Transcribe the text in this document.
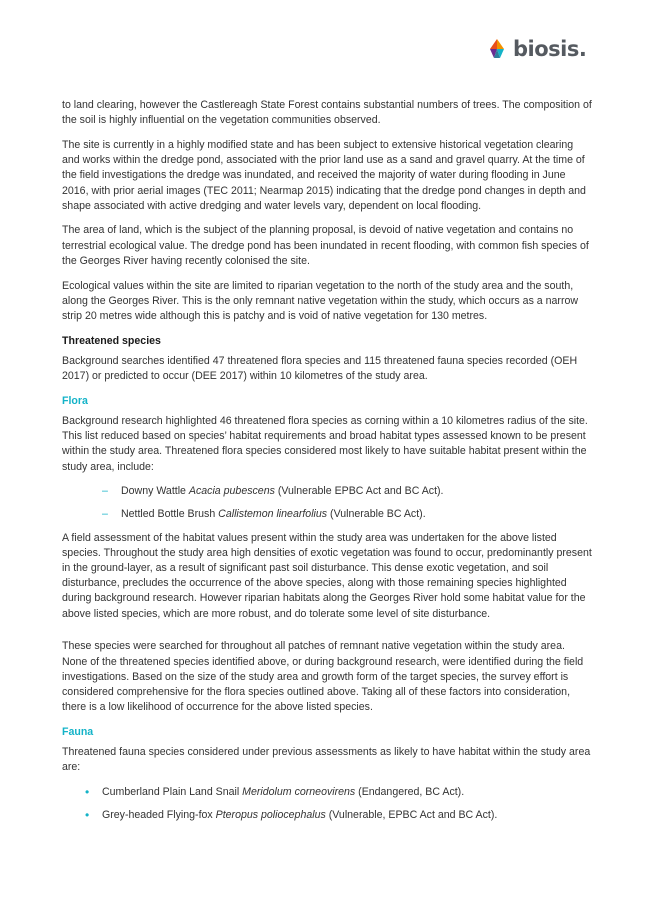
biosis.

to land clearing, however the Castlereagh State Forest contains substantial numbers of trees. The composition of the soil is highly influential on the vegetation communities observed.

The site is currently in a highly modified state and has been subject to extensive historical vegetation clearing and works within the dredge pond, associated with the prior land use as a sand and gravel quarry. At the time of the field investigations the dredge was inundated, and received the majority of water during flooding in June 2016, with prior aerial images (TEC 2011; Nearmap 2015) indicating that the dredge pond changes in depth and shape associated with active dredging and water levels vary, dependent on local flooding.

The area of land, which is the subject of the planning proposal, is devoid of native vegetation and contains no terrestrial ecological value. The dredge pond has been inundated in recent flooding, with common fish species of the Georges River having recently colonised the site.

Ecological values within the site are limited to riparian vegetation to the north of the study area and the south, along the Georges River. This is the only remnant native vegetation within the study, which occurs as a narrow strip 20 metres wide although this is patchy and is void of native vegetation for 130 metres.

Threatened species

Background searches identified 47 threatened flora species and 115 threatened fauna species recorded (OEH 2017) or predicted to occur (DEE 2017) within 10 kilometres of the study area.

Flora

Background research highlighted 46 threatened flora species as corning within a 10 kilometres radius of the site. This list reduced based on species’ habitat requirements and broad habitat types assessed known to be present within the study area. Threatened flora species considered most likely to have suitable habitat present within the study area, include:

– Downy Wattle Acacia pubescens (Vulnerable EPBC Act and BC Act).
– Nettled Bottle Brush Callistemon linearfolius (Vulnerable BC Act).

A field assessment of the habitat values present within the study area was undertaken for the above listed species. Throughout the study area high densities of exotic vegetation was found to occur, predominantly present in the ground-layer, as a result of significant past soil disturbance. This dense exotic vegetation, and soil disturbance, precludes the occurrence of the above species, along with those remaining species highlighted during background research. However riparian habitats along the Georges River hold some habitat value for the above listed species, which are more robust, and do tolerate some level of site disturbance.

These species were searched for throughout all patches of remnant native vegetation within the study area. None of the threatened species identified above, or during background research, were identified during the field investigations. Based on the size of the study area and growth form of the target species, the survey effort is considered comprehensive for the flora species outlined above. Taking all of these factors into consideration, there is a low likelihood of occurrence for the above listed species.

Fauna

Threatened fauna species considered under previous assessments as likely to have habitat within the study area are:

• Cumberland Plain Land Snail Meridolum corneovirens (Endangered, BC Act).
• Grey-headed Flying-fox Pteropus poliocephalus (Vulnerable, EPBC Act and BC Act).
